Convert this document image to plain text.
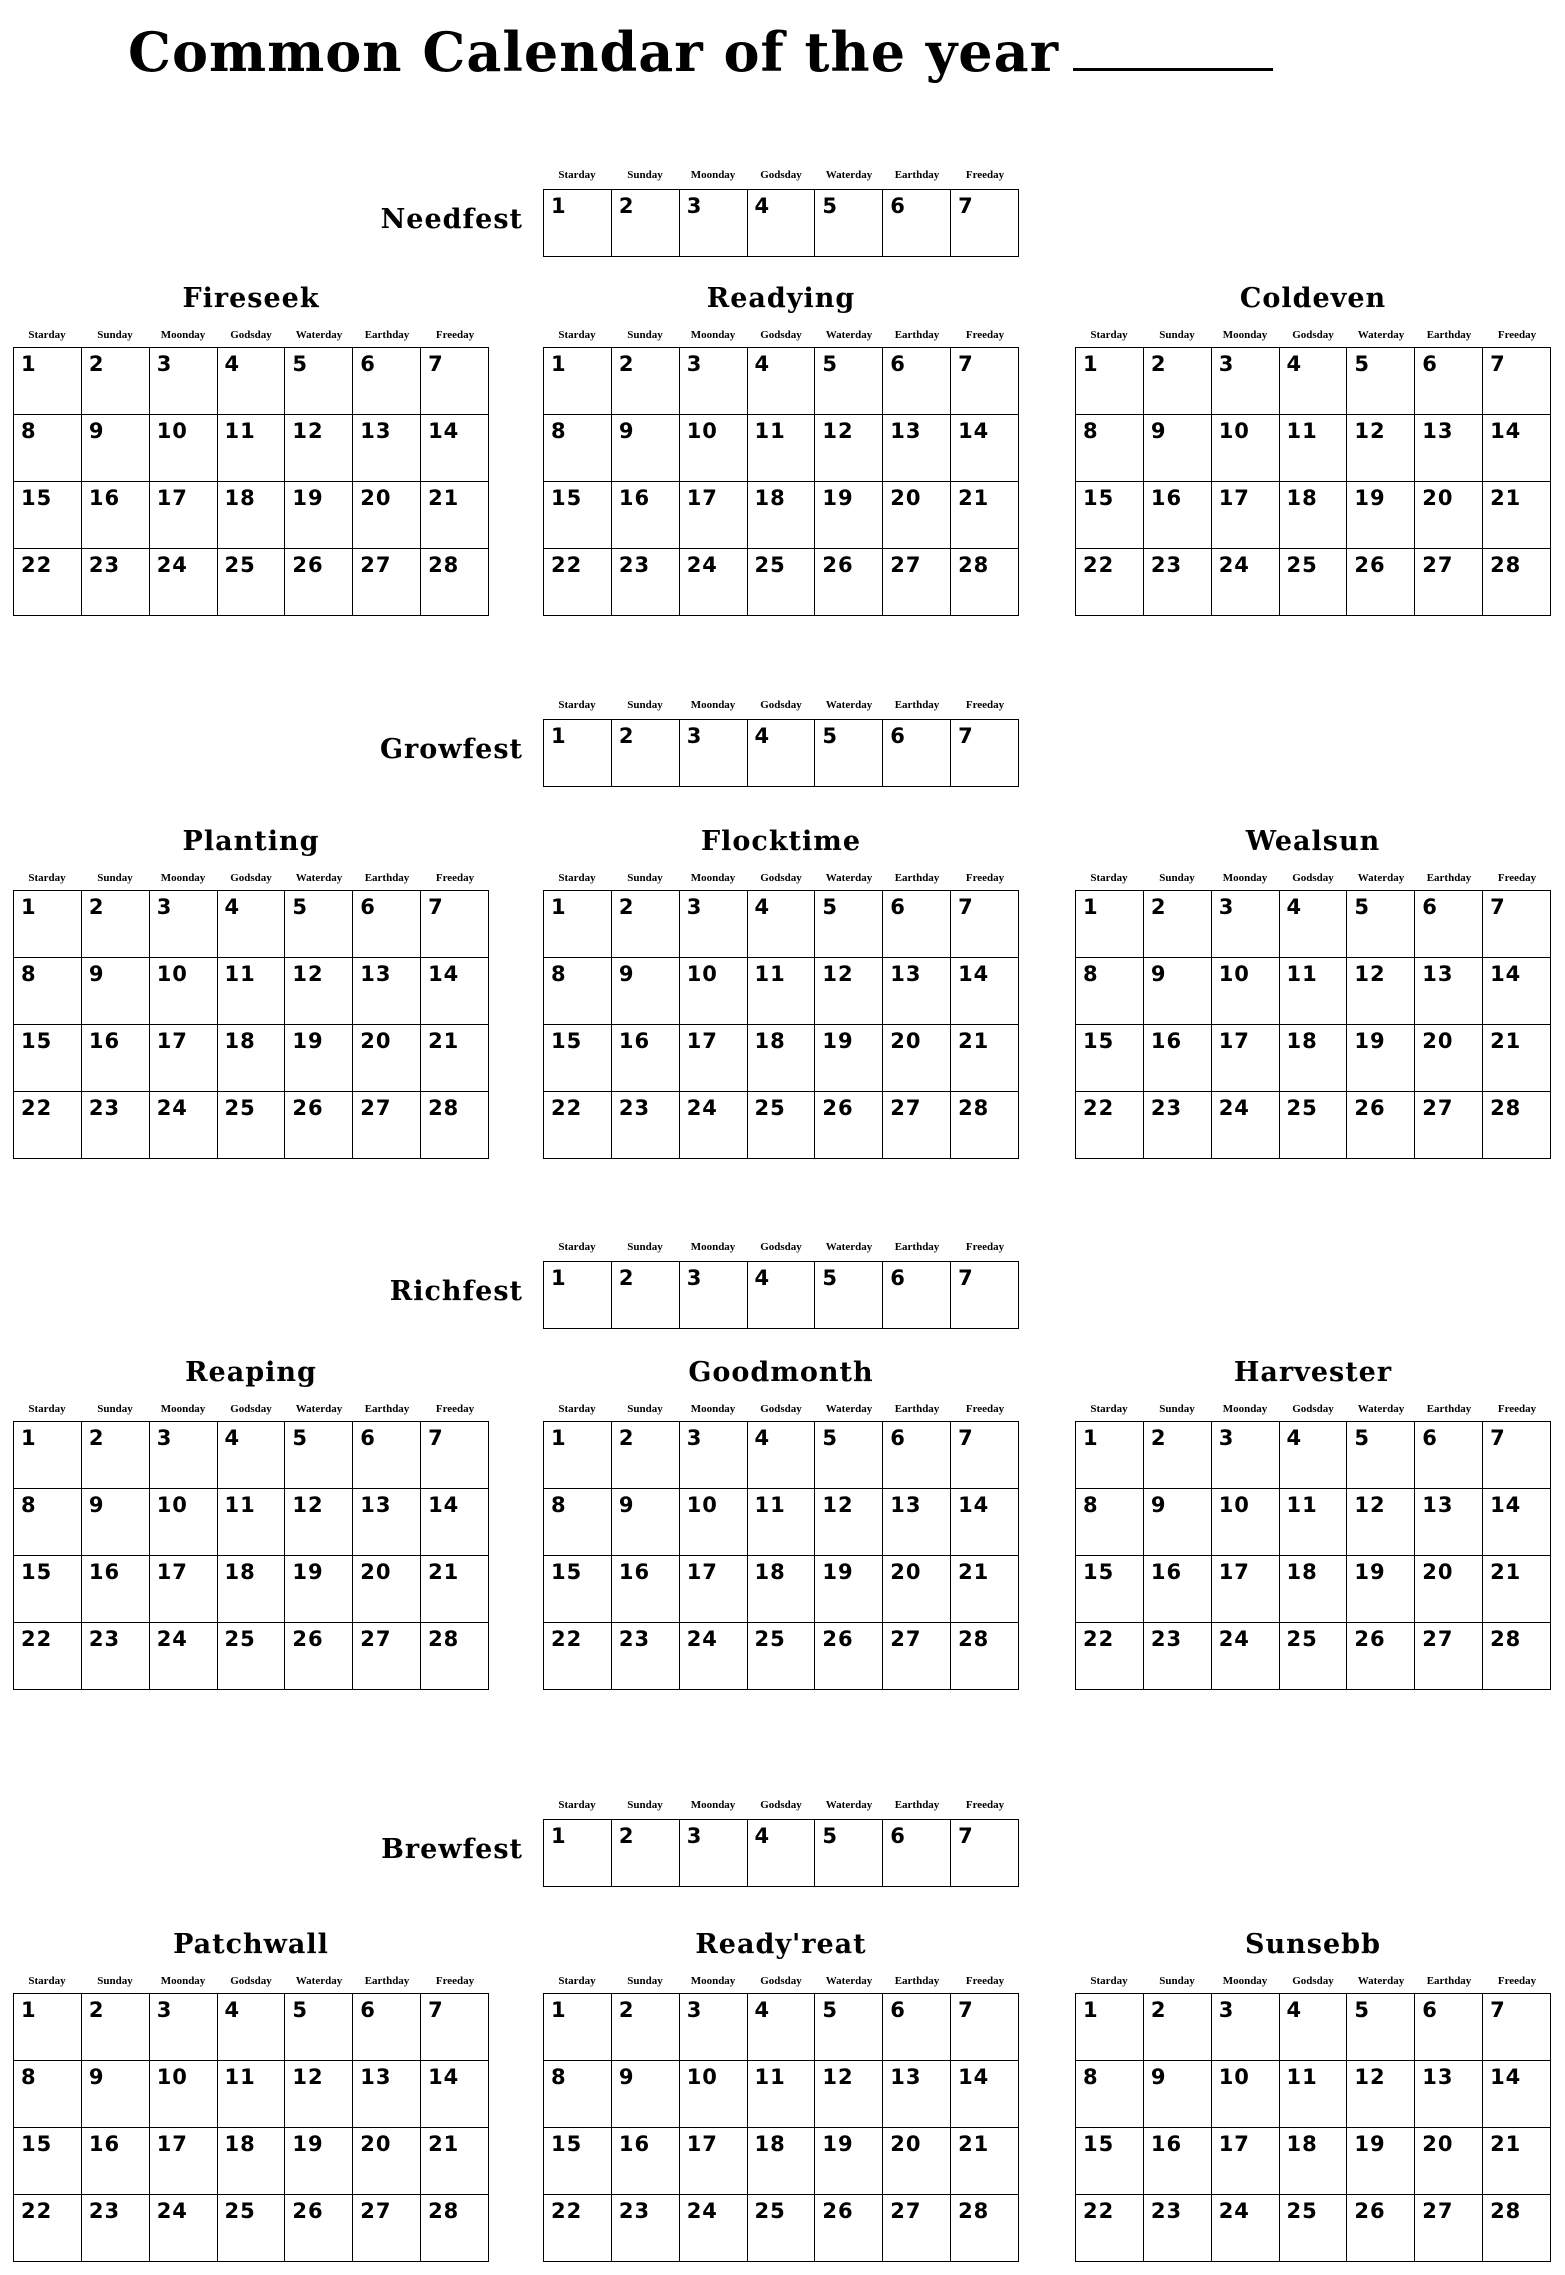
Common Calendar of the year
Needfest
Starday	Sunday	Moonday	Godsday	Waterday	Earthday	Freeday
1	2	3	4	5	6	7
Growfest
Starday	Sunday	Moonday	Godsday	Waterday	Earthday	Freeday
1	2	3	4	5	6	7
Richfest
Starday	Sunday	Moonday	Godsday	Waterday	Earthday	Freeday
1	2	3	4	5	6	7
Brewfest
Starday	Sunday	Moonday	Godsday	Waterday	Earthday	Freeday
1	2	3	4	5	6	7
Fireseek
Starday	Sunday	Moonday	Godsday	Waterday	Earthday	Freeday
1	2	3	4	5	6	7

8	9	10	11	12	13	14

15	16	17	18	19	20	21

22	23	24	25	26	27	28
Readying
Starday	Sunday	Moonday	Godsday	Waterday	Earthday	Freeday
1	2	3	4	5	6	7

8	9	10	11	12	13	14

15	16	17	18	19	20	21

22	23	24	25	26	27	28
Coldeven
Starday	Sunday	Moonday	Godsday	Waterday	Earthday	Freeday
1	2	3	4	5	6	7

8	9	10	11	12	13	14

15	16	17	18	19	20	21

22	23	24	25	26	27	28
Planting
Starday	Sunday	Moonday	Godsday	Waterday	Earthday	Freeday
1	2	3	4	5	6	7

8	9	10	11	12	13	14

15	16	17	18	19	20	21

22	23	24	25	26	27	28
Flocktime
Starday	Sunday	Moonday	Godsday	Waterday	Earthday	Freeday
1	2	3	4	5	6	7

8	9	10	11	12	13	14

15	16	17	18	19	20	21

22	23	24	25	26	27	28
Wealsun
Starday	Sunday	Moonday	Godsday	Waterday	Earthday	Freeday
1	2	3	4	5	6	7

8	9	10	11	12	13	14

15	16	17	18	19	20	21

22	23	24	25	26	27	28
Reaping
Starday	Sunday	Moonday	Godsday	Waterday	Earthday	Freeday
1	2	3	4	5	6	7

8	9	10	11	12	13	14

15	16	17	18	19	20	21

22	23	24	25	26	27	28
Goodmonth
Starday	Sunday	Moonday	Godsday	Waterday	Earthday	Freeday
1	2	3	4	5	6	7

8	9	10	11	12	13	14

15	16	17	18	19	20	21

22	23	24	25	26	27	28
Harvester
Starday	Sunday	Moonday	Godsday	Waterday	Earthday	Freeday
1	2	3	4	5	6	7

8	9	10	11	12	13	14

15	16	17	18	19	20	21

22	23	24	25	26	27	28
Patchwall
Starday	Sunday	Moonday	Godsday	Waterday	Earthday	Freeday
1	2	3	4	5	6	7

8	9	10	11	12	13	14

15	16	17	18	19	20	21

22	23	24	25	26	27	28
Ready'reat
Starday	Sunday	Moonday	Godsday	Waterday	Earthday	Freeday
1	2	3	4	5	6	7

8	9	10	11	12	13	14

15	16	17	18	19	20	21

22	23	24	25	26	27	28
Sunsebb
Starday	Sunday	Moonday	Godsday	Waterday	Earthday	Freeday
1	2	3	4	5	6	7

8	9	10	11	12	13	14

15	16	17	18	19	20	21

22	23	24	25	26	27	28
